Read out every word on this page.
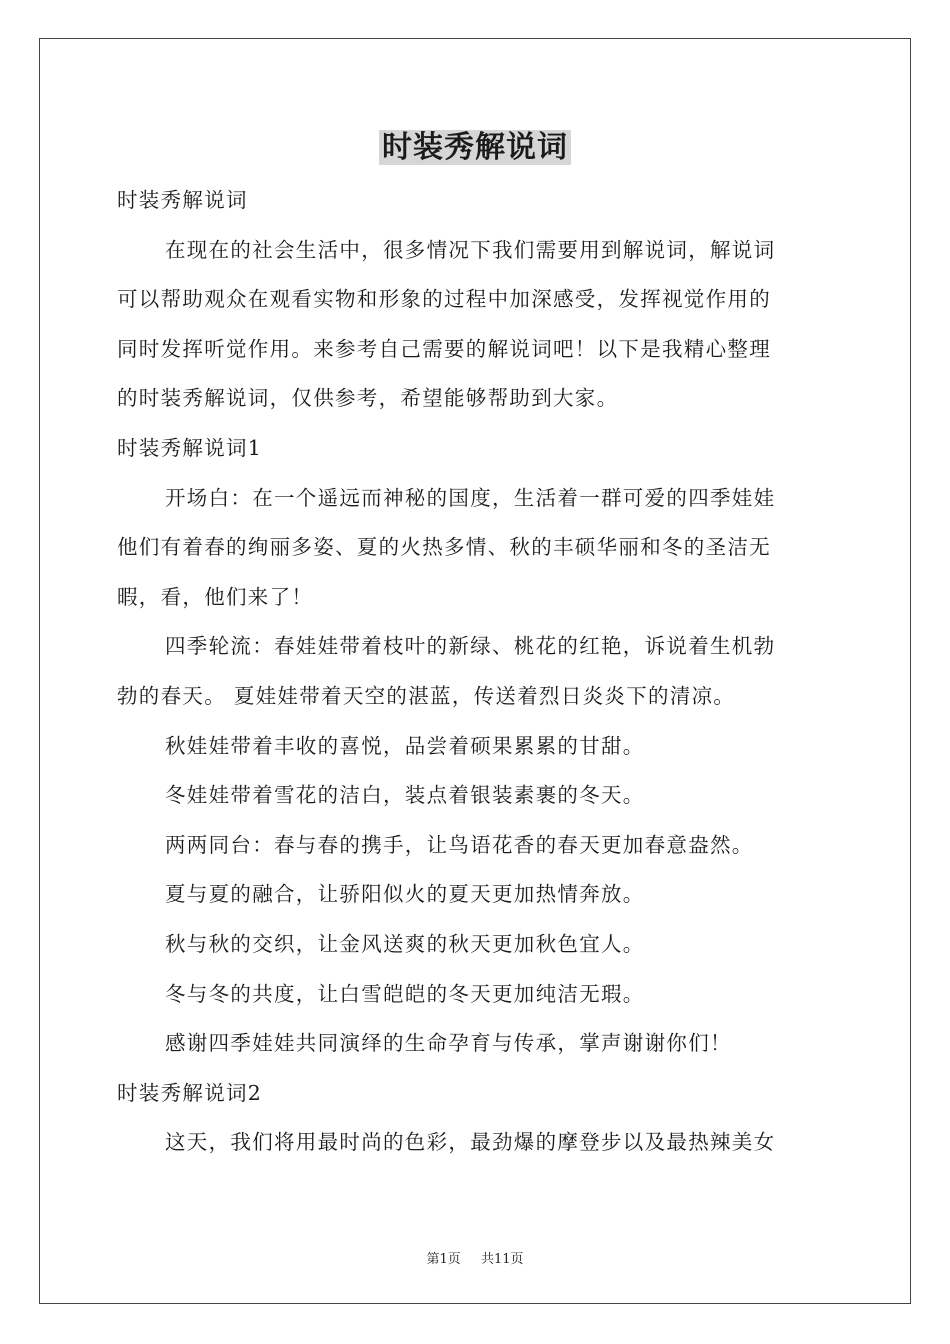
时装秀解说词
时装秀解说词
在现在的社会生活中，很多情况下我们需要用到解说词，解说词
可以帮助观众在观看实物和形象的过程中加深感受，发挥视觉作用的
同时发挥听觉作用。来参考自己需要的解说词吧！以下是我精心整理
的时装秀解说词，仅供参考，希望能够帮助到大家。
时装秀解说词1
开场白：在一个遥远而神秘的国度，生活着一群可爱的四季娃娃
他们有着春的绚丽多姿、夏的火热多情、秋的丰硕华丽和冬的圣洁无
暇，看，他们来了！
四季轮流：春娃娃带着枝叶的新绿、桃花的红艳，诉说着生机勃
勃的春天。 夏娃娃带着天空的湛蓝，传送着烈日炎炎下的清凉。
秋娃娃带着丰收的喜悦，品尝着硕果累累的甘甜。
冬娃娃带着雪花的洁白，装点着银装素裹的冬天。
两两同台：春与春的携手，让鸟语花香的春天更加春意盎然。
夏与夏的融合，让骄阳似火的夏天更加热情奔放。
秋与秋的交织，让金风送爽的秋天更加秋色宜人。
冬与冬的共度，让白雪皑皑的冬天更加纯洁无瑕。
感谢四季娃娃共同演绎的生命孕育与传承，掌声谢谢你们！
时装秀解说词2
这天，我们将用最时尚的色彩，最劲爆的摩登步以及最热辣美女
第1页 共11页
